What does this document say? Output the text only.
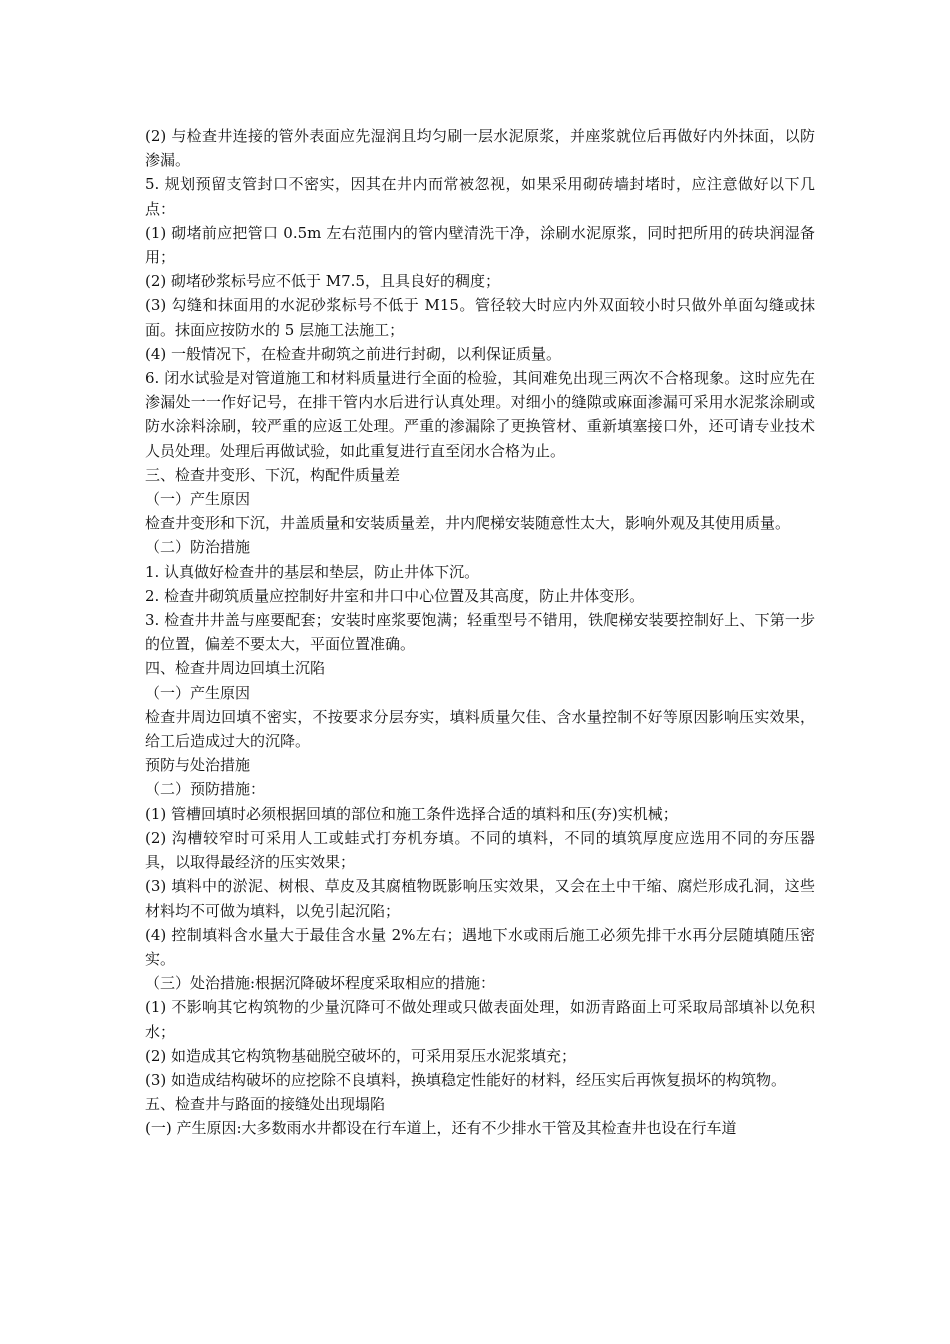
(2) 与检查井连接的管外表面应先湿润且均匀刷一层水泥原浆，并座浆就位后再做好内外抹面，以防渗漏。

5. 规划预留支管封口不密实，因其在井内而常被忽视，如果采用砌砖墙封堵时，应注意做好以下几点：

(1) 砌堵前应把管口 0.5m 左右范围内的管内壁清洗干净，涂刷水泥原浆，同时把所用的砖块润湿备用；

(2) 砌堵砂浆标号应不低于 M7.5，且具良好的稠度；

(3) 勾缝和抹面用的水泥砂浆标号不低于 M15。管径较大时应内外双面较小时只做外单面勾缝或抹面。抹面应按防水的 5 层施工法施工；

(4) 一般情况下，在检查井砌筑之前进行封砌，以利保证质量。

6. 闭水试验是对管道施工和材料质量进行全面的检验，其间难免出现三两次不合格现象。这时应先在渗漏处一一作好记号，在排干管内水后进行认真处理。对细小的缝隙或麻面渗漏可采用水泥浆涂刷或防水涂料涂刷，较严重的应返工处理。严重的渗漏除了更换管材、重新填塞接口外，还可请专业技术人员处理。处理后再做试验，如此重复进行直至闭水合格为止。

三、检查井变形、下沉，构配件质量差

（一）产生原因

检查井变形和下沉，井盖质量和安装质量差，井内爬梯安装随意性太大，影响外观及其使用质量。

（二）防治措施

1. 认真做好检查井的基层和垫层，防止井体下沉。

2. 检查井砌筑质量应控制好井室和井口中心位置及其高度，防止井体变形。

3. 检查井井盖与座要配套；安装时座浆要饱满；轻重型号不错用，铁爬梯安装要控制好上、下第一步的位置，偏差不要太大，平面位置准确。

四、检查井周边回填土沉陷

（一）产生原因

检查井周边回填不密实，不按要求分层夯实，填料质量欠佳、含水量控制不好等原因影响压实效果，给工后造成过大的沉降。

预防与处治措施

（二）预防措施：

(1) 管槽回填时必须根据回填的部位和施工条件选择合适的填料和压(夯)实机械；

(2) 沟槽较窄时可采用人工或蛙式打夯机夯填。不同的填料，不同的填筑厚度应选用不同的夯压器具，以取得最经济的压实效果；

(3) 填料中的淤泥、树根、草皮及其腐植物既影响压实效果，又会在土中干缩、腐烂形成孔洞，这些材料均不可做为填料，以免引起沉陷；

(4) 控制填料含水量大于最佳含水量 2%左右；遇地下水或雨后施工必须先排干水再分层随填随压密实。

（三）处治措施:根据沉降破坏程度采取相应的措施：

(1) 不影响其它构筑物的少量沉降可不做处理或只做表面处理，如沥青路面上可采取局部填补以免积水；

(2) 如造成其它构筑物基础脱空破坏的，可采用泵压水泥浆填充；

(3) 如造成结构破坏的应挖除不良填料，换填稳定性能好的材料，经压实后再恢复损坏的构筑物。

五、检查井与路面的接缝处出现塌陷

(一) 产生原因:大多数雨水井都设在行车道上，还有不少排水干管及其检查井也设在行车道
